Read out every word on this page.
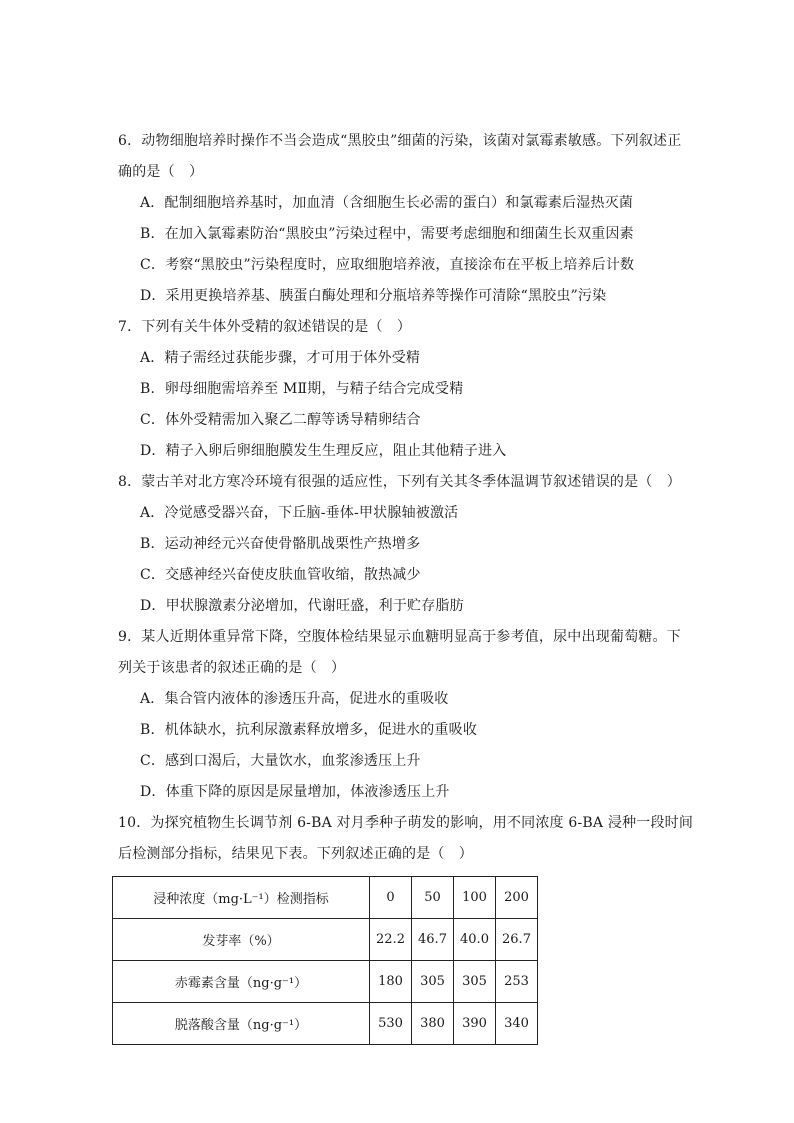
6．动物细胞培养时操作不当会造成“黑胶虫”细菌的污染，该菌对氯霉素敏感。下列叙述正
确的是（　）
A．配制细胞培养基时，加血清（含细胞生长必需的蛋白）和氯霉素后湿热灭菌
B．在加入氯霉素防治“黑胶虫”污染过程中，需要考虑细胞和细菌生长双重因素
C．考察“黑胶虫”污染程度时，应取细胞培养液，直接涂布在平板上培养后计数
D．采用更换培养基、胰蛋白酶处理和分瓶培养等操作可清除“黑胶虫”污染
7．下列有关牛体外受精的叙述错误的是（　）
A．精子需经过获能步骤，才可用于体外受精
B．卵母细胞需培养至 MⅡ期，与精子结合完成受精
C．体外受精需加入聚乙二醇等诱导精卵结合
D．精子入卵后卵细胞膜发生生理反应，阻止其他精子进入
8．蒙古羊对北方寒冷环境有很强的适应性，下列有关其冬季体温调节叙述错误的是（　）
A．冷觉感受器兴奋，下丘脑-垂体-甲状腺轴被激活
B．运动神经元兴奋使骨骼肌战栗性产热增多
C．交感神经兴奋使皮肤血管收缩，散热减少
D．甲状腺激素分泌增加，代谢旺盛，利于贮存脂肪
9．某人近期体重异常下降，空腹体检结果显示血糖明显高于参考值，尿中出现葡萄糖。下
列关于该患者的叙述正确的是（　）
A．集合管内液体的渗透压升高，促进水的重吸收
B．机体缺水，抗利尿激素释放增多，促进水的重吸收
C．感到口渴后，大量饮水，血浆渗透压上升
D．体重下降的原因是尿量增加，体液渗透压上升
10．为探究植物生长调节剂 6-BA 对月季种子萌发的影响，用不同浓度 6-BA 浸种一段时间
后检测部分指标，结果见下表。下列叙述正确的是（　）
浸种浓度（mg·L⁻¹）检测指标	0	50	100	200
发芽率（%）	22.2	46.7	40.0	26.7
赤霉素含量（ng·g⁻¹）	180	305	305	253
脱落酸含量（ng·g⁻¹）	530	380	390	340
